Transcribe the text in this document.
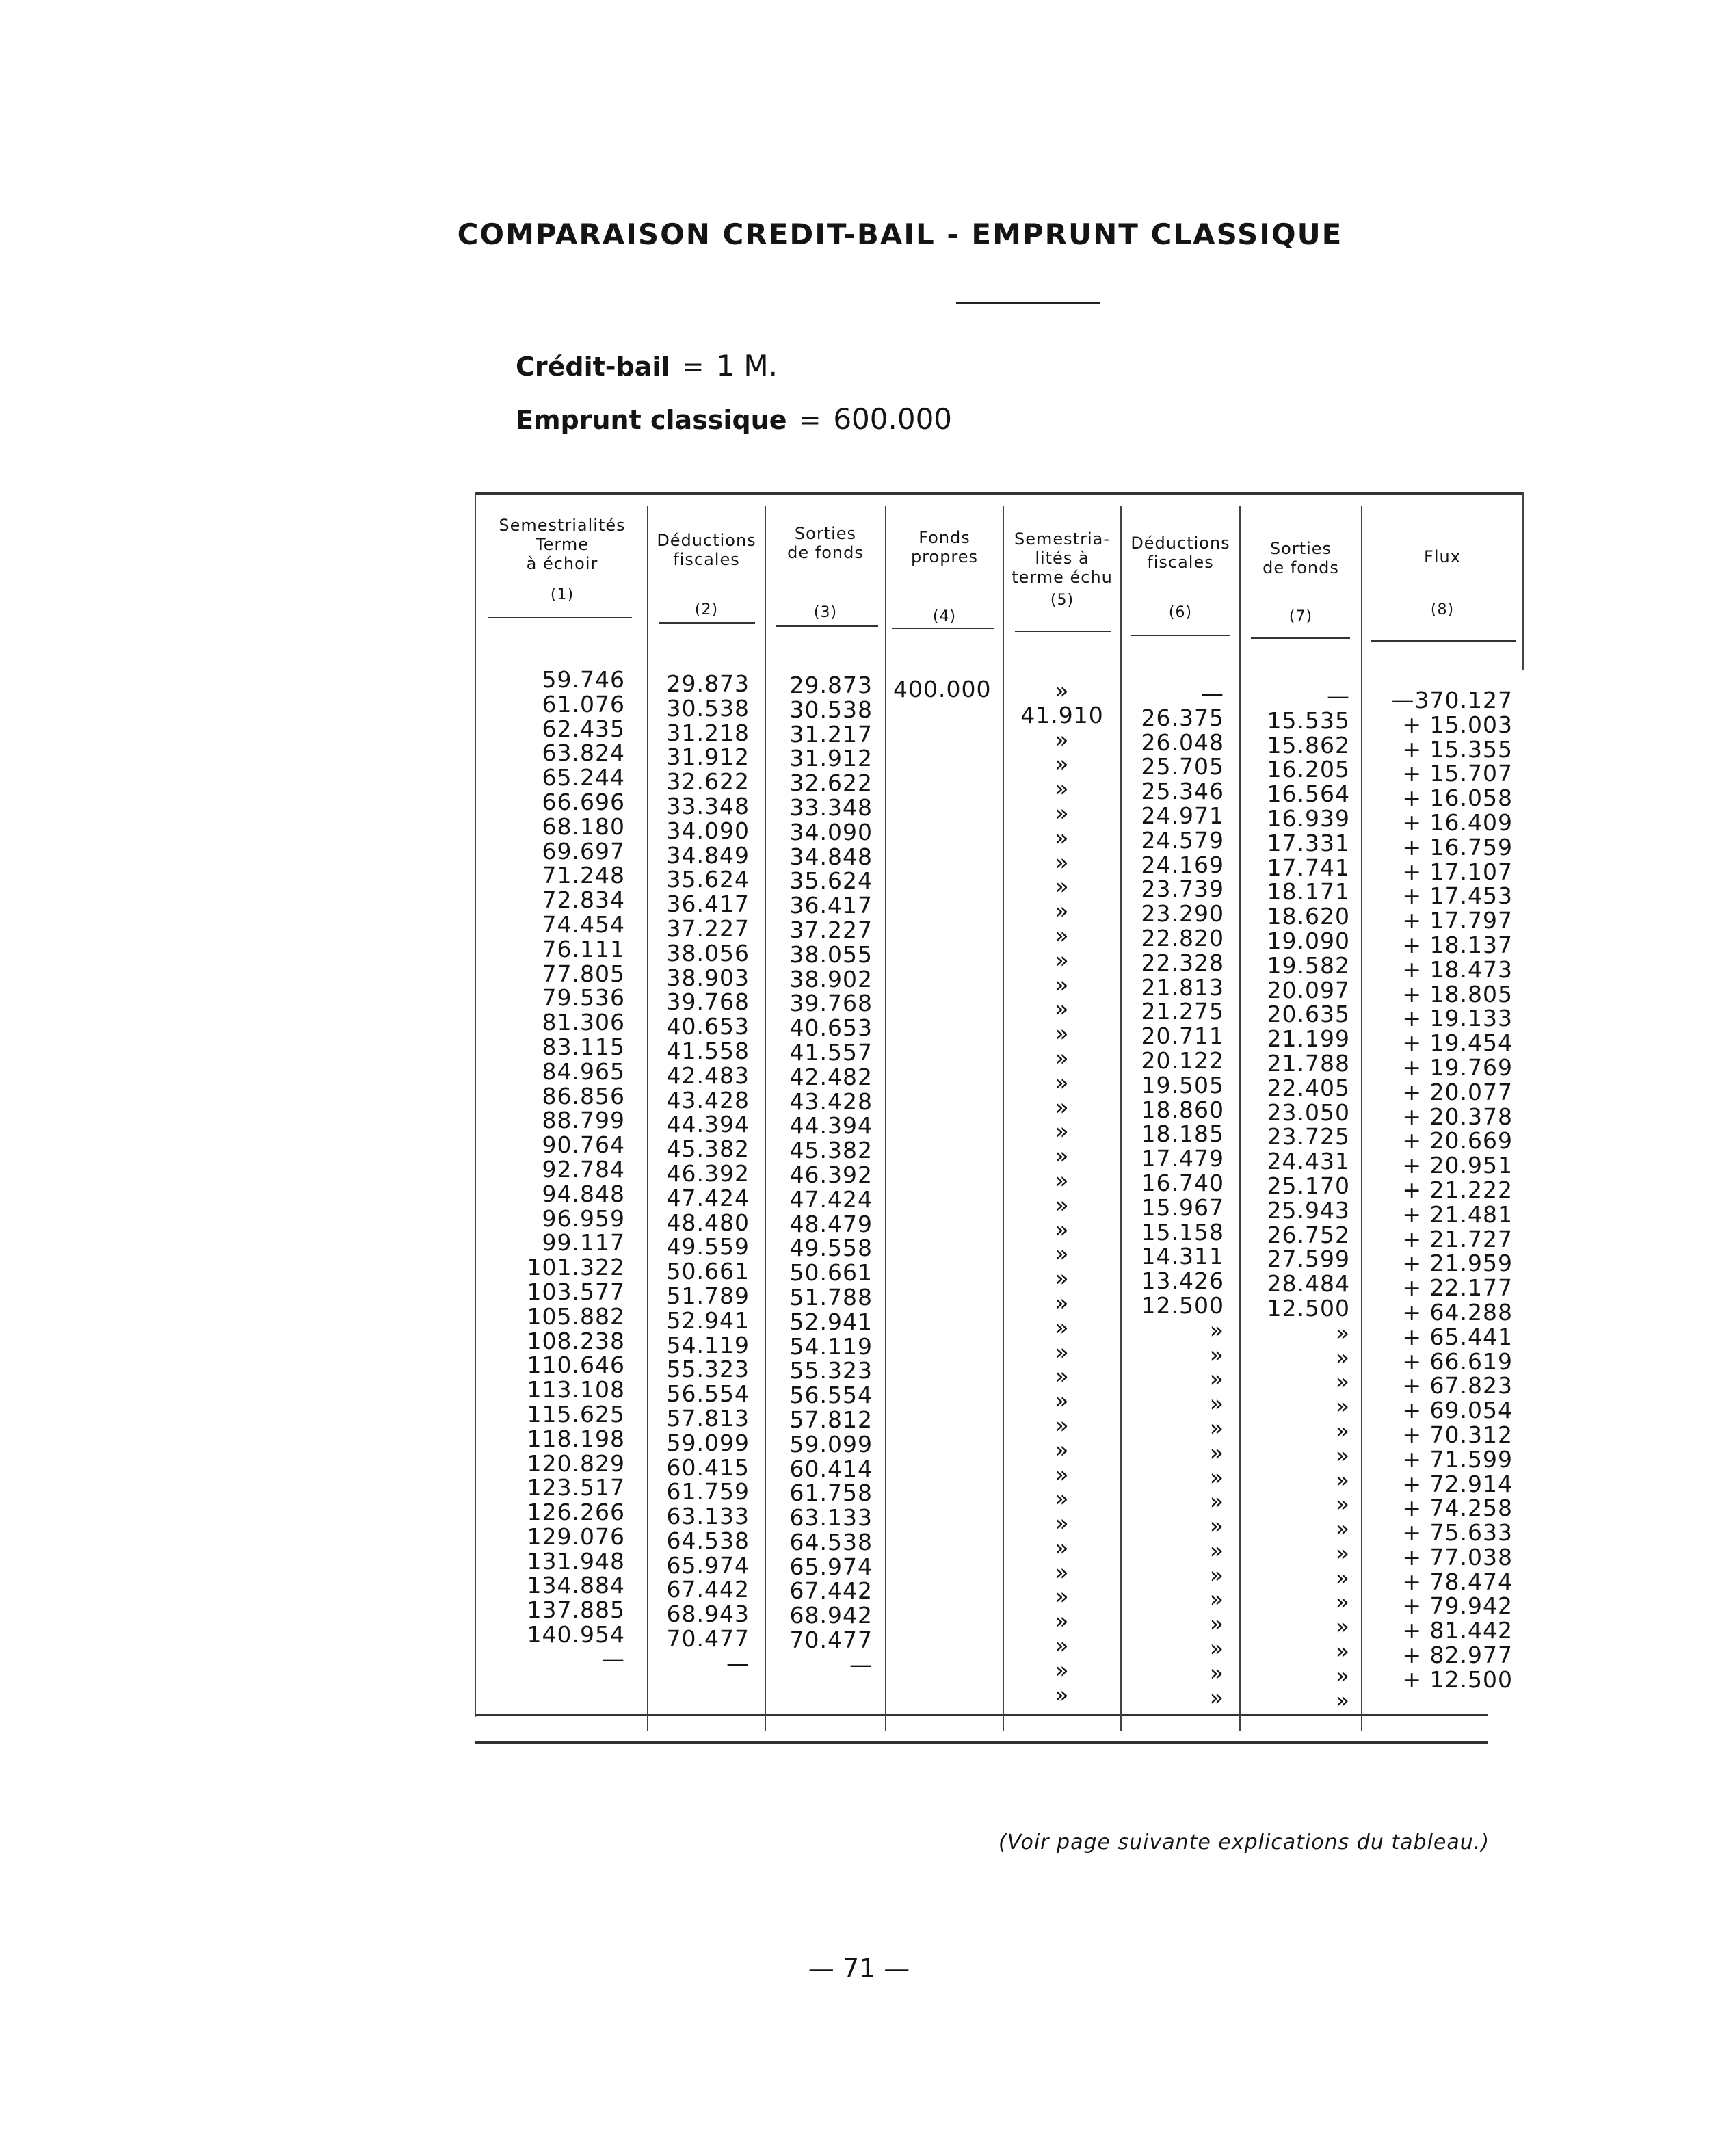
COMPARAISON CREDIT-BAIL - EMPRUNT CLASSIQUE
Crédit-bail = 1 M.
Emprunt classique = 600.000
Semestrialités
Terme
à échoir
(1)
Déductions
fiscales
(2)
Sorties
de fonds
(3)
Fonds
propres
(4)
Semestria-
lités à
terme échu
(5)
Déductions
fiscales
(6)
Sorties
de fonds
(7)
Flux
(8)
59.746
61.076
62.435
63.824
65.244
66.696
68.180
69.697
71.248
72.834
74.454
76.111
77.805
79.536
81.306
83.115
84.965
86.856
88.799
90.764
92.784
94.848
96.959
99.117
101.322
103.577
105.882
108.238
110.646
113.108
115.625
118.198
120.829
123.517
126.266
129.076
131.948
134.884
137.885
140.954
—
29.873
30.538
31.218
31.912
32.622
33.348
34.090
34.849
35.624
36.417
37.227
38.056
38.903
39.768
40.653
41.558
42.483
43.428
44.394
45.382
46.392
47.424
48.480
49.559
50.661
51.789
52.941
54.119
55.323
56.554
57.813
59.099
60.415
61.759
63.133
64.538
65.974
67.442
68.943
70.477
—
29.873
30.538
31.217
31.912
32.622
33.348
34.090
34.848
35.624
36.417
37.227
38.055
38.902
39.768
40.653
41.557
42.482
43.428
44.394
45.382
46.392
47.424
48.479
49.558
50.661
51.788
52.941
54.119
55.323
56.554
57.812
59.099
60.414
61.758
63.133
64.538
65.974
67.442
68.942
70.477
—
400.000	»
41.910
»
»
»
»
»
»
»
»
»
»
»
»
»
»
»
»
»
»
»
»
»
»
»
»
»
»
»
»
»
»
»
»
»
»
»
»
»
»
»
»
—
26.375
26.048
25.705
25.346
24.971
24.579
24.169
23.739
23.290
22.820
22.328
21.813
21.275
20.711
20.122
19.505
18.860
18.185
17.479
16.740
15.967
15.158
14.311
13.426
12.500
»
»
»
»
»
»
»
»
»
»
»
»
»
»
»
»
—
15.535
15.862
16.205
16.564
16.939
17.331
17.741
18.171
18.620
19.090
19.582
20.097
20.635
21.199
21.788
22.405
23.050
23.725
24.431
25.170
25.943
26.752
27.599
28.484
12.500
»
»
»
»
»
»
»
»
»
»
»
»
»
»
»
»
—370.127
+ 15.003
+ 15.355
+ 15.707
+ 16.058
+ 16.409
+ 16.759
+ 17.107
+ 17.453
+ 17.797
+ 18.137
+ 18.473
+ 18.805
+ 19.133
+ 19.454
+ 19.769
+ 20.077
+ 20.378
+ 20.669
+ 20.951
+ 21.222
+ 21.481
+ 21.727
+ 21.959
+ 22.177
+ 64.288
+ 65.441
+ 66.619
+ 67.823
+ 69.054
+ 70.312
+ 71.599
+ 72.914
+ 74.258
+ 75.633
+ 77.038
+ 78.474
+ 79.942
+ 81.442
+ 82.977
+ 12.500
(Voir page suivante explications du tableau.)
— 71 —
